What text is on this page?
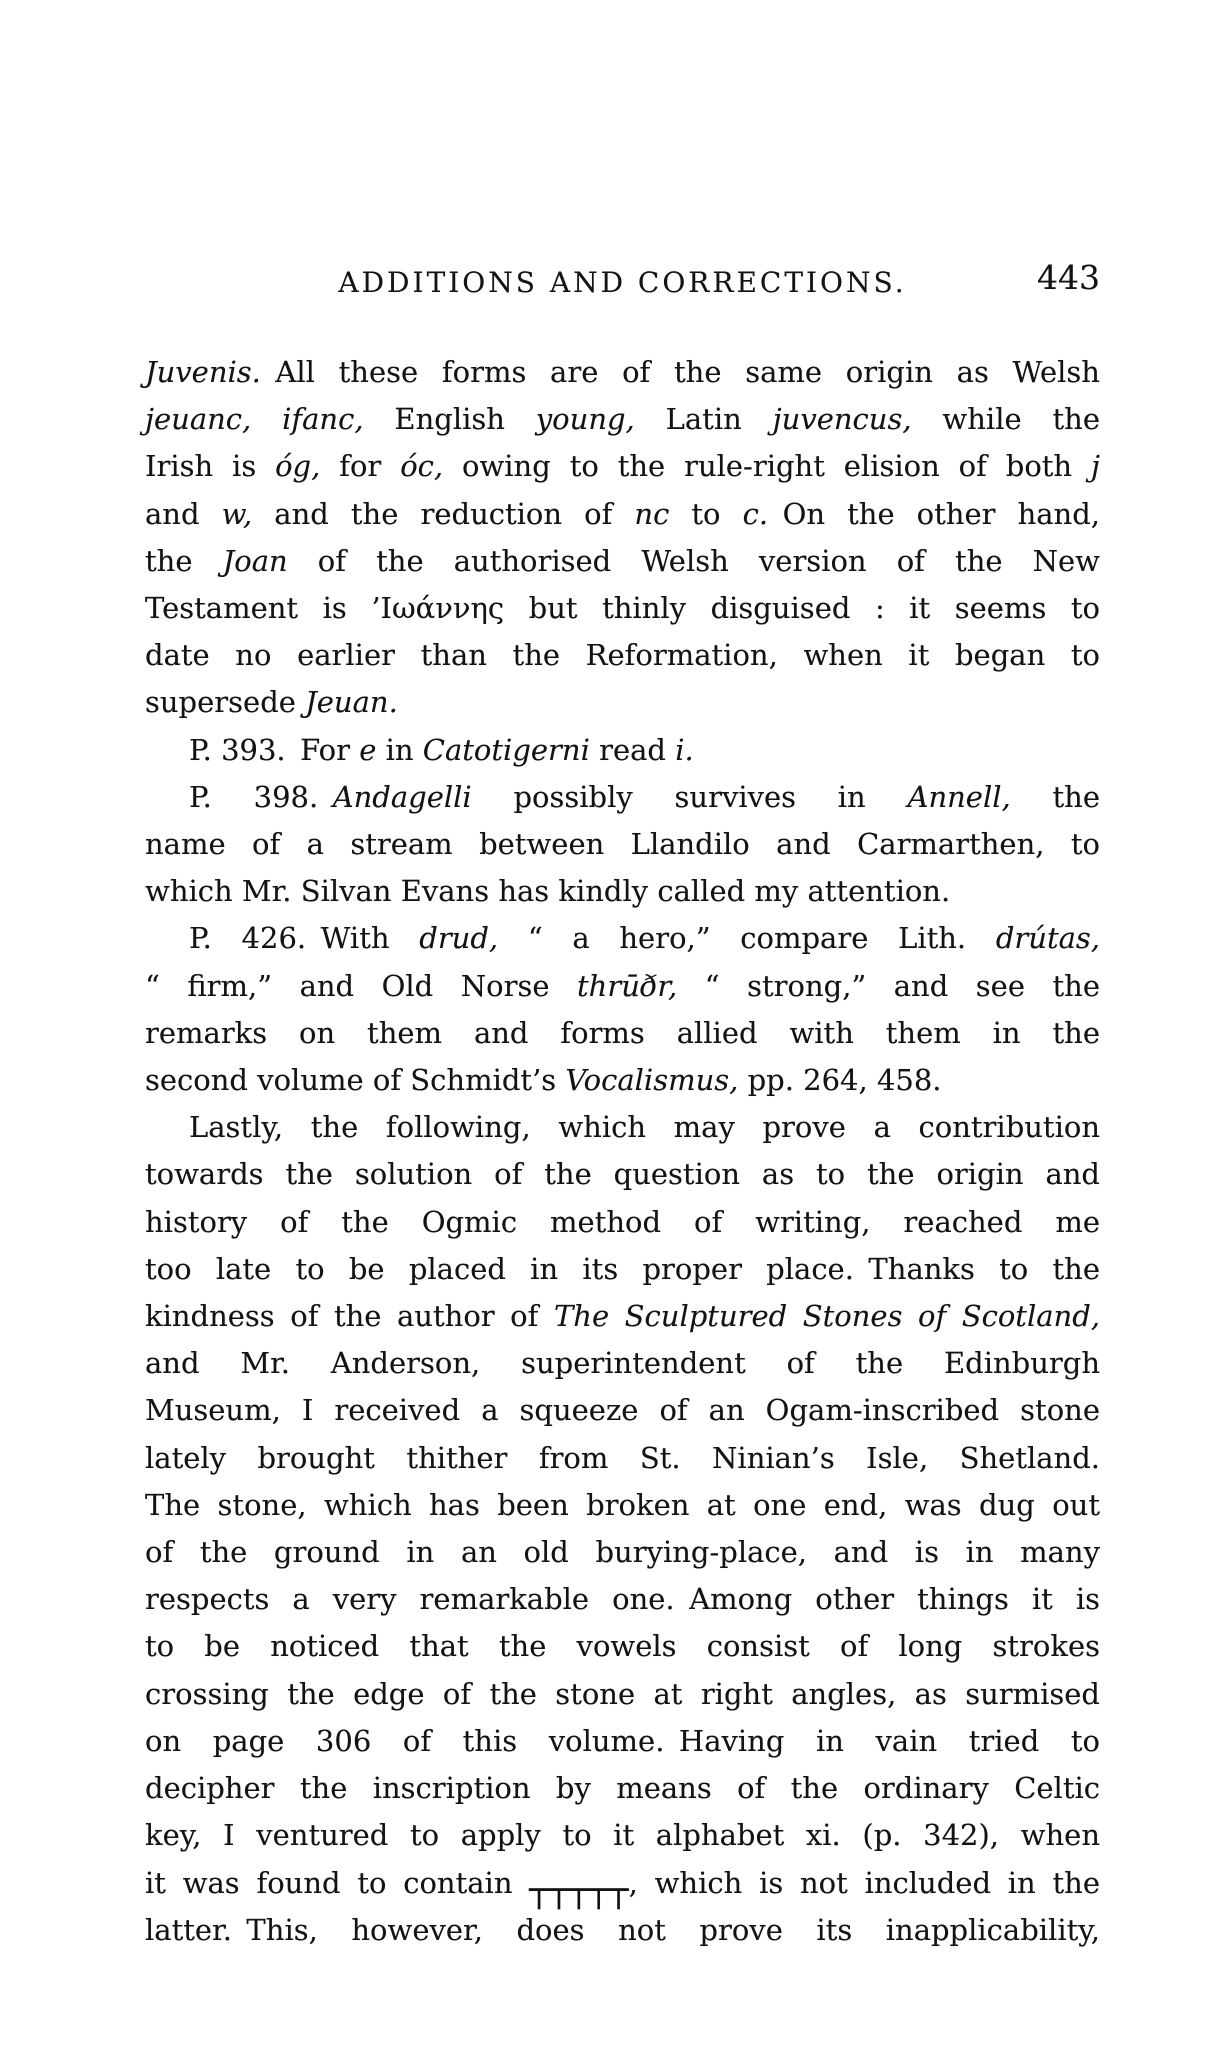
ADDITIONS AND CORRECTIONS.	443
Juvenis. All these forms are of the same origin as Welsh
jeuanc, ifanc, English young, Latin juvencus, while the
Irish is óg, for óc, owing to the rule-right elision of both j
and w, and the reduction of nc to c. On the other hand,
the Joan of the authorised Welsh version of the New
Testament is ’Ιωάννης but thinly disguised : it seems to
date no earlier than the Reformation, when it began to
supersede Jeuan.
P. 393. For e in Catotigerni read i.
P. 398. Andagelli possibly survives in Annell, the
name of a stream between Llandilo and Carmarthen, to
which Mr. Silvan Evans has kindly called my attention.
P. 426. With drud, “ a hero,” compare Lith. drútas,
“ firm,” and Old Norse thrūðr, “ strong,” and see the
remarks on them and forms allied with them in the
second volume of Schmidt’s Vocalismus, pp. 264, 458.
Lastly, the following, which may prove a contribution
towards the solution of the question as to the origin and
history of the Ogmic method of writing, reached me
too late to be placed in its proper place. Thanks to the
kindness of the author of The Sculptured Stones of Scotland,
and Mr. Anderson, superintendent of the Edinburgh
Museum, I received a squeeze of an Ogam-inscribed stone
lately brought thither from St. Ninian’s Isle, Shetland.
The stone, which has been broken at one end, was dug out
of the ground in an old burying-place, and is in many
respects a very remarkable one. Among other things it is
to be noticed that the vowels consist of long strokes
crossing the edge of the stone at right angles, as surmised
on page 306 of this volume. Having in vain tried to
decipher the inscription by means of the ordinary Celtic
key, I ventured to apply to it alphabet xi. (p. 342), when
it was found to contain ┬┬┬┬┬, which is not included in the
latter. This, however, does not prove its inapplicability,
